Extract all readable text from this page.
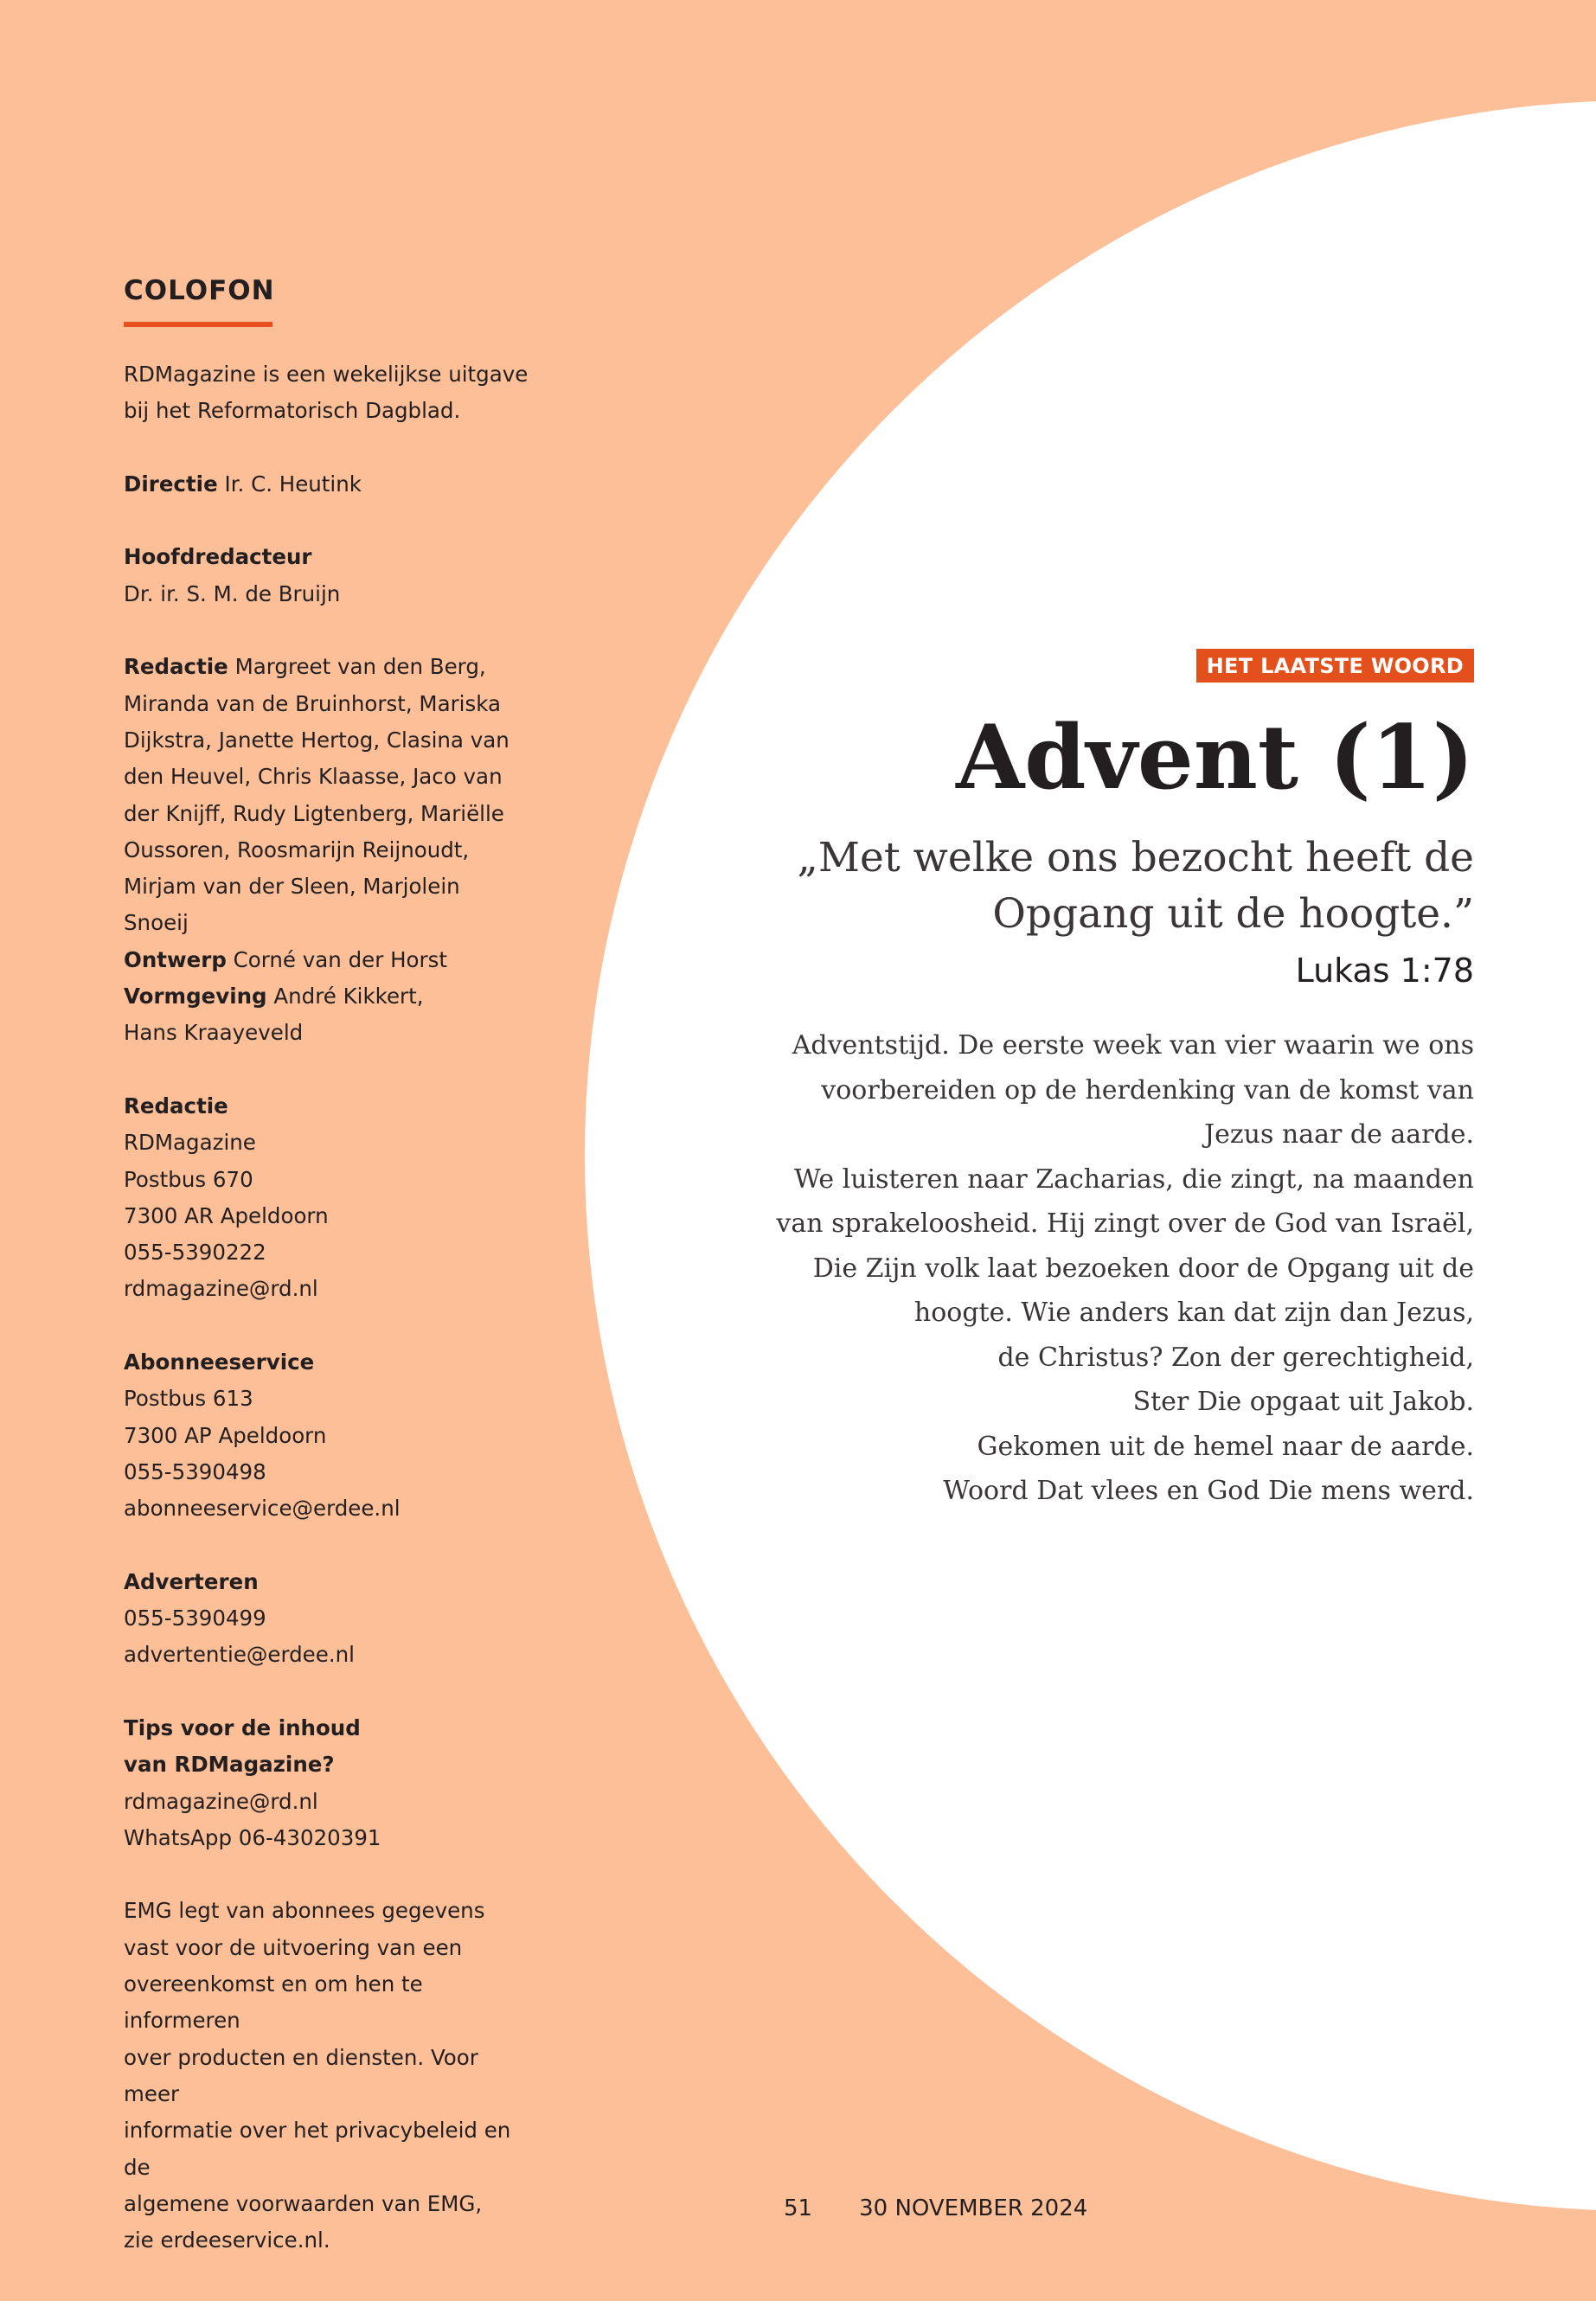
COLOFON

RDMagazine is een wekelijkse uitgave
bij het Reformatorisch Dagblad.

Directie Ir. C. Heutink

Hoofdredacteur
Dr. ir. S. M. de Bruijn

Redactie Margreet van den Berg,
Miranda van de Bruinhorst, Mariska
Dijkstra, Janette Hertog, Clasina van
den Heuvel, Chris Klaasse, Jaco van
der Knijff, Rudy Ligtenberg, Mariëlle
Oussoren, Roosmarijn Reijnoudt,
Mirjam van der Sleen, Marjolein Snoeij
Ontwerp Corné van der Horst
Vormgeving André Kikkert,
Hans Kraayeveld

Redactie
RDMagazine
Postbus 670
7300 AR Apeldoorn
055-5390222
rdmagazine@rd.nl

Abonneeservice
Postbus 613
7300 AP Apeldoorn
055-5390498
abonneeservice@erdee.nl

Adverteren
055-5390499
advertentie@erdee.nl

Tips voor de inhoud
van RDMagazine?
rdmagazine@rd.nl
WhatsApp 06-43020391

EMG legt van abonnees gegevens
vast voor de uitvoering van een
overeenkomst en om hen te informeren
over producten en diensten. Voor meer
informatie over het privacybeleid en de
algemene voorwaarden van EMG,
zie erdeeservice.nl.

HET LAATSTE WOORD
Advent (1)
„Met welke ons bezocht heeft de
Opgang uit de hoogte.”
Lukas 1:78
Adventstijd. De eerste week van vier waarin we ons
voorbereiden op de herdenking van de komst van
Jezus naar de aarde.
We luisteren naar Zacharias, die zingt, na maanden
van sprakeloosheid. Hij zingt over de God van Israël,
Die Zijn volk laat bezoeken door de Opgang uit de
hoogte. Wie anders kan dat zijn dan Jezus,
de Christus? Zon der gerechtigheid,
Ster Die opgaat uit Jakob.
Gekomen uit de hemel naar de aarde.
Woord Dat vlees en God Die mens werd.
51 30 NOVEMBER 2024
